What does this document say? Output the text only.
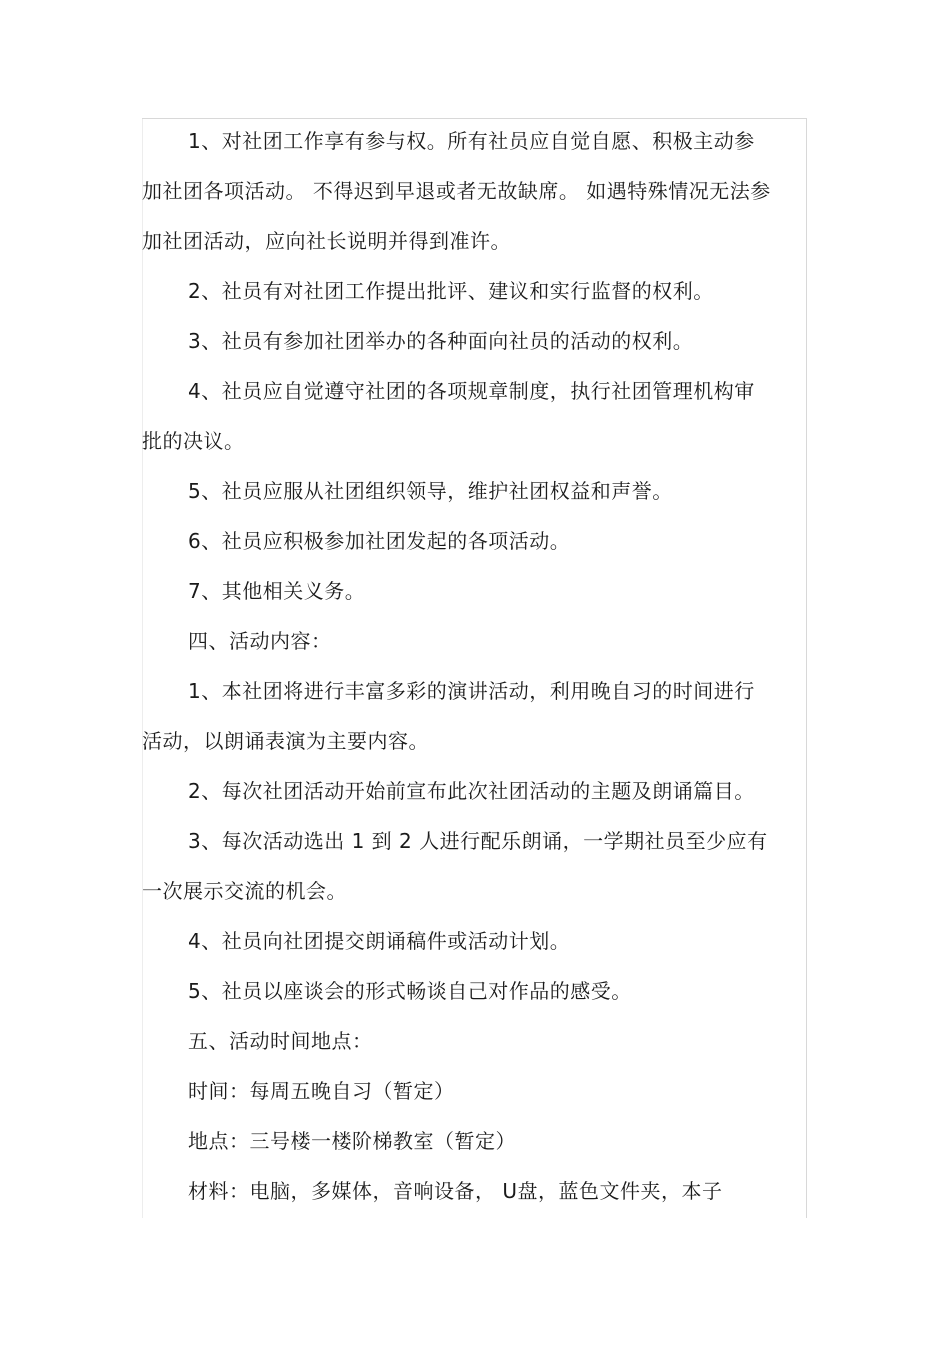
1、对社团工作享有参与权。所有社员应自觉自愿、积极主动参
加社团各项活动。 不得迟到早退或者无故缺席。 如遇特殊情况无法参
加社团活动，应向社长说明并得到准许。
2、社员有对社团工作提出批评、建议和实行监督的权利。
3、社员有参加社团举办的各种面向社员的活动的权利。
4、社员应自觉遵守社团的各项规章制度，执行社团管理机构审
批的决议。
5、社员应服从社团组织领导，维护社团权益和声誉。
6、社员应积极参加社团发起的各项活动。
7、其他相关义务。
四、活动内容：
1、本社团将进行丰富多彩的演讲活动，利用晚自习的时间进行
活动，以朗诵表演为主要内容。
2、每次社团活动开始前宣布此次社团活动的主题及朗诵篇目。
3、每次活动选出 1 到 2 人进行配乐朗诵，一学期社员至少应有
一次展示交流的机会。
4、社员向社团提交朗诵稿件或活动计划。
5、社员以座谈会的形式畅谈自己对作品的感受。
五、活动时间地点：
时间：每周五晚自习（暂定）
地点：三号楼一楼阶梯教室（暂定）
材料：电脑，多媒体，音响设备， U盘，蓝色文件夹，本子
